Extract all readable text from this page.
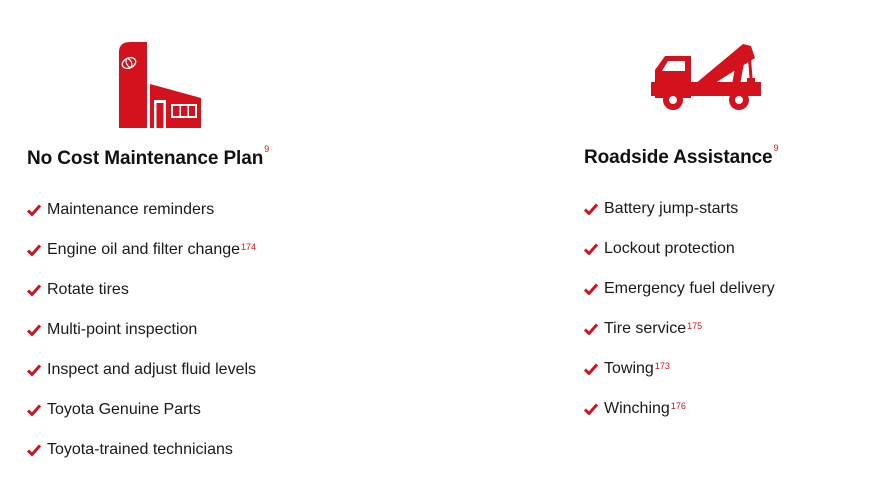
No Cost Maintenance Plan$^9$
Maintenance reminders
Engine oil and filter change$^{174}$
Rotate tires
Multi-point inspection
Inspect and adjust fluid levels
Toyota Genuine Parts
Toyota-trained technicians
Roadside Assistance$^9$
Battery jump-starts
Lockout protection
Emergency fuel delivery
Tire service$^{175}$
Towing$^{173}$
Winching$^{176}$
